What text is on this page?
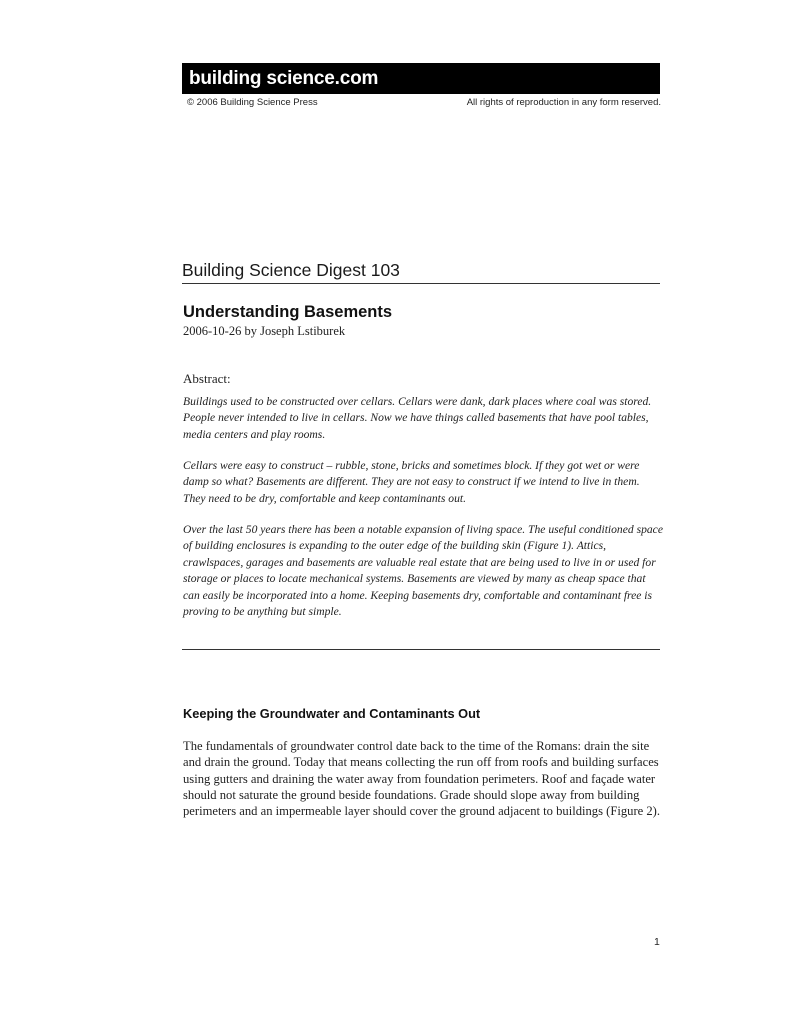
building science.com
© 2006 Building Science Press	All rights of reproduction in any form reserved.
Building Science Digest 103
Understanding Basements
2006-10-26 by Joseph Lstiburek
Abstract:

Buildings used to be constructed over cellars. Cellars were dank, dark places where coal was stored. People never intended to live in cellars. Now we have things called basements that have pool tables, media centers and play rooms.

Cellars were easy to construct – rubble, stone, bricks and sometimes block. If they got wet or were damp so what? Basements are different. They are not easy to construct if we intend to live in them. They need to be dry, comfortable and keep contaminants out.

Over the last 50 years there has been a notable expansion of living space. The useful conditioned space of building enclosures is expanding to the outer edge of the building skin (Figure 1). Attics, crawlspaces, garages and basements are valuable real estate that are being used to live in or used for storage or places to locate mechanical systems. Basements are viewed by many as cheap space that can easily be incorporated into a home. Keeping basements dry, comfortable and contaminant free is proving to be anything but simple.

Keeping the Groundwater and Contaminants Out

The fundamentals of groundwater control date back to the time of the Romans: drain the site and drain the ground. Today that means collecting the run off from roofs and building surfaces using gutters and draining the water away from foundation perimeters. Roof and façade water should not saturate the ground beside foundations. Grade should slope away from building perimeters and an impermeable layer should cover the ground adjacent to buildings (Figure 2).

1
